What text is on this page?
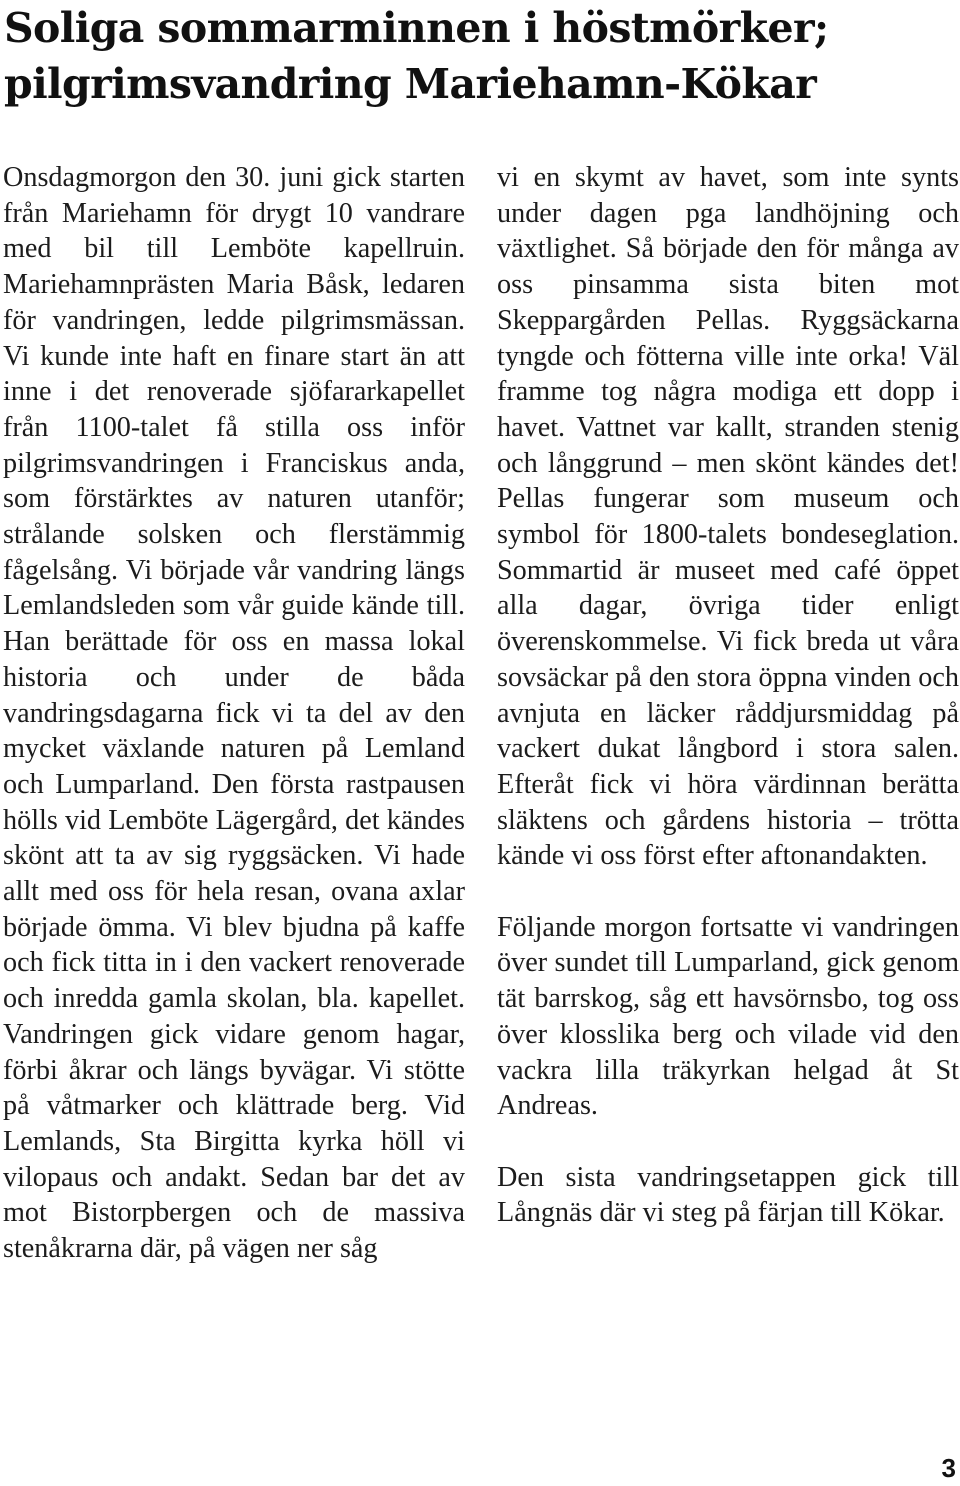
Soliga sommarminnen i höstmörker;
pilgrimsvandring Mariehamn-Kökar

Onsdagmorgon den 30. juni gick starten från Mariehamn för drygt 10 vandrare med bil till Lemböte kapellruin. Mariehamnprästen Maria Båsk, ledaren för vandringen, ledde pilgrimsmässan. Vi kunde inte haft en finare start än att inne i det renoverade sjöfararkapellet från 1100-talet få stilla oss inför pilgrimsvandringen i Franciskus anda, som förstärktes av naturen utanför; strålande solsken och flerstämmig fågelsång. Vi började vår vandring längs Lemlandsleden som vår guide kände till. Han berättade för oss en massa lokal historia och under de båda vandringsdagarna fick vi ta del av den mycket växlande naturen på Lemland och Lumparland. Den första rastpausen hölls vid Lemböte Lägergård, det kändes skönt att ta av sig ryggsäcken. Vi hade allt med oss för hela resan, ovana axlar började ömma. Vi blev bjudna på kaffe och fick titta in i den vackert renoverade och inredda gamla skolan, bla. kapellet. Vandringen gick vidare genom hagar, förbi åkrar och längs byvägar. Vi stötte på våtmarker och klättrade berg. Vid Lemlands, Sta Birgitta kyrka höll vi vilopaus och andakt. Sedan bar det av mot Bistorpbergen och de massiva stenåkrarna där, på vägen ner såg

vi en skymt av havet, som inte synts under dagen pga landhöjning och växtlighet. Så började den för många av oss pinsamma sista biten mot Skeppargården Pellas. Ryggsäckarna tyngde och fötterna ville inte orka! Väl framme tog några modiga ett dopp i havet. Vattnet var kallt, stranden stenig och långgrund – men skönt kändes det! Pellas fungerar som museum och symbol för 1800-talets bondeseglation. Sommartid är museet med café öppet alla dagar, övriga tider enligt överenskommelse. Vi fick breda ut våra sovsäckar på den stora öppna vinden och avnjuta en läcker råddjursmiddag på vackert dukat långbord i stora salen. Efteråt fick vi höra värdinnan berätta släktens och gårdens historia – trötta kände vi oss först efter aftonandakten.

Följande morgon fortsatte vi vandringen över sundet till Lumparland, gick genom tät barrskog, såg ett havsörnsbo, tog oss över klosslika berg och vilade vid den vackra lilla träkyrkan helgad åt St Andreas.

Den sista vandringsetappen gick till Långnäs där vi steg på färjan till Kökar.

3
